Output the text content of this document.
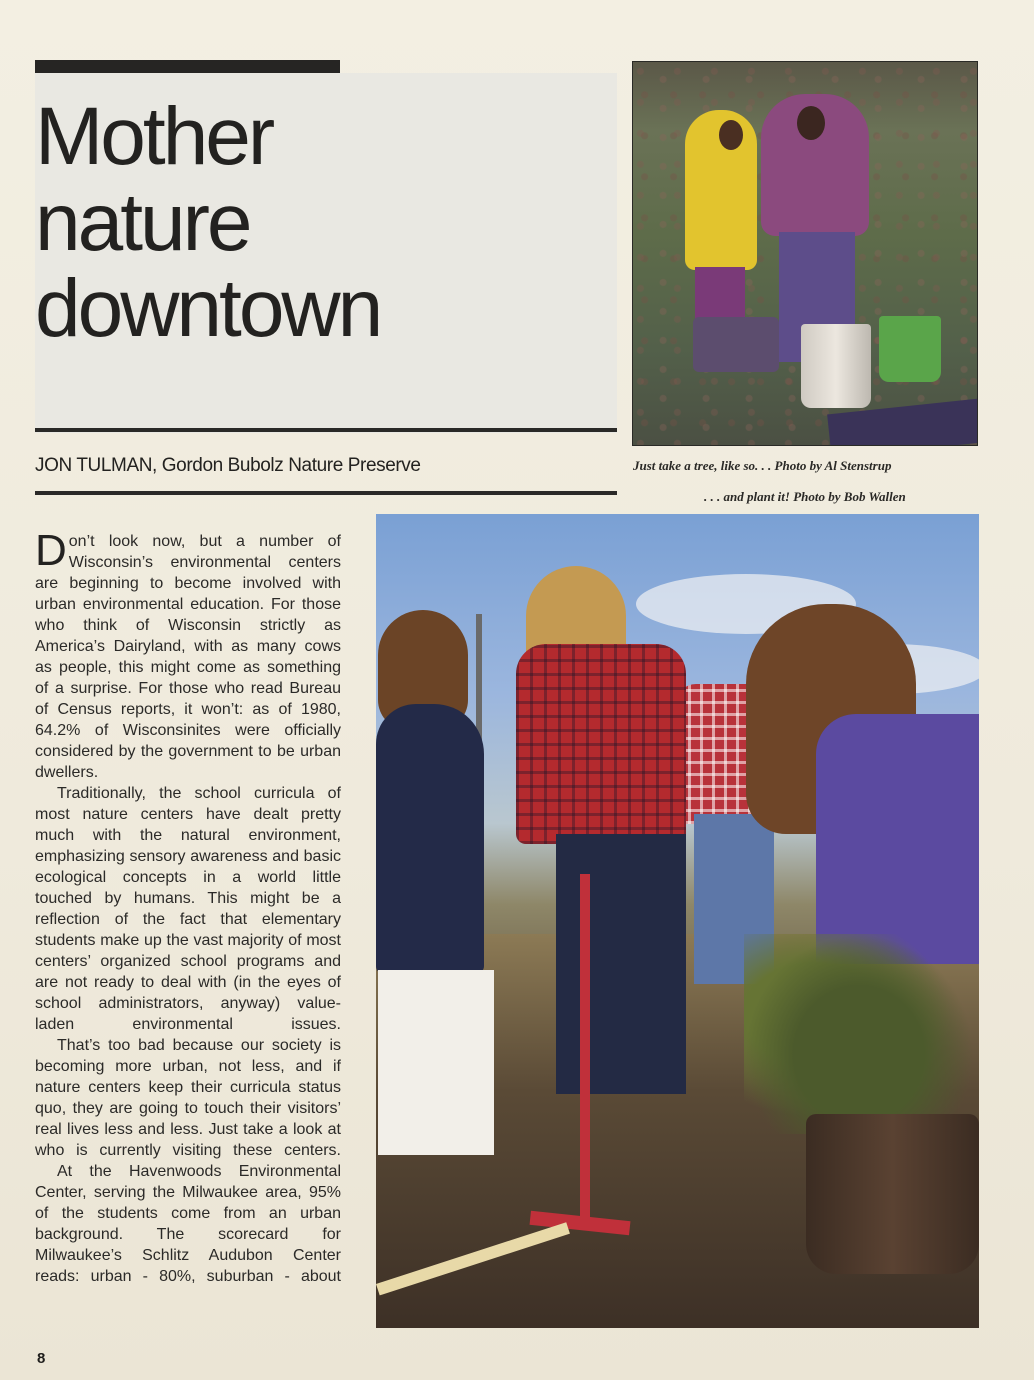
Mother
nature
downtown
JON TULMAN, Gordon Bubolz Nature Preserve	Just take a tree, like so. . . Photo by Al Stenstrup
. . . and plant it! Photo by Bob Wallen

Don’t look now, but a number of Wisconsin’s environmental centers are beginning to become involved with urban environmental education. For those who think of Wisconsin strictly as America’s Dairyland, with as many cows as people, this might come as something of a surprise. For those who read Bureau of Census reports, it won’t: as of 1980, 64.2% of Wisconsinites were officially considered by the government to be urban dwellers.

Traditionally, the school curricula of most nature centers have dealt pretty much with the natural environment, emphasizing sensory awareness and basic ecological concepts in a world little touched by humans. This might be a reflection of the fact that elementary students make up the vast majority of most centers’ organized school programs and are not ready to deal with (in the eyes of school administrators, anyway) value-laden environmental issues.

That’s too bad because our society is becoming more urban, not less, and if nature centers keep their curricula status quo, they are going to touch their visitors’ real lives less and less. Just take a look at who is currently visiting these centers.

At the Havenwoods Environmental Center, serving the Milwaukee area, 95% of the students come from an urban background. The scorecard for Milwaukee’s Schlitz Audubon Center reads: urban - 80%, suburban - about

8
